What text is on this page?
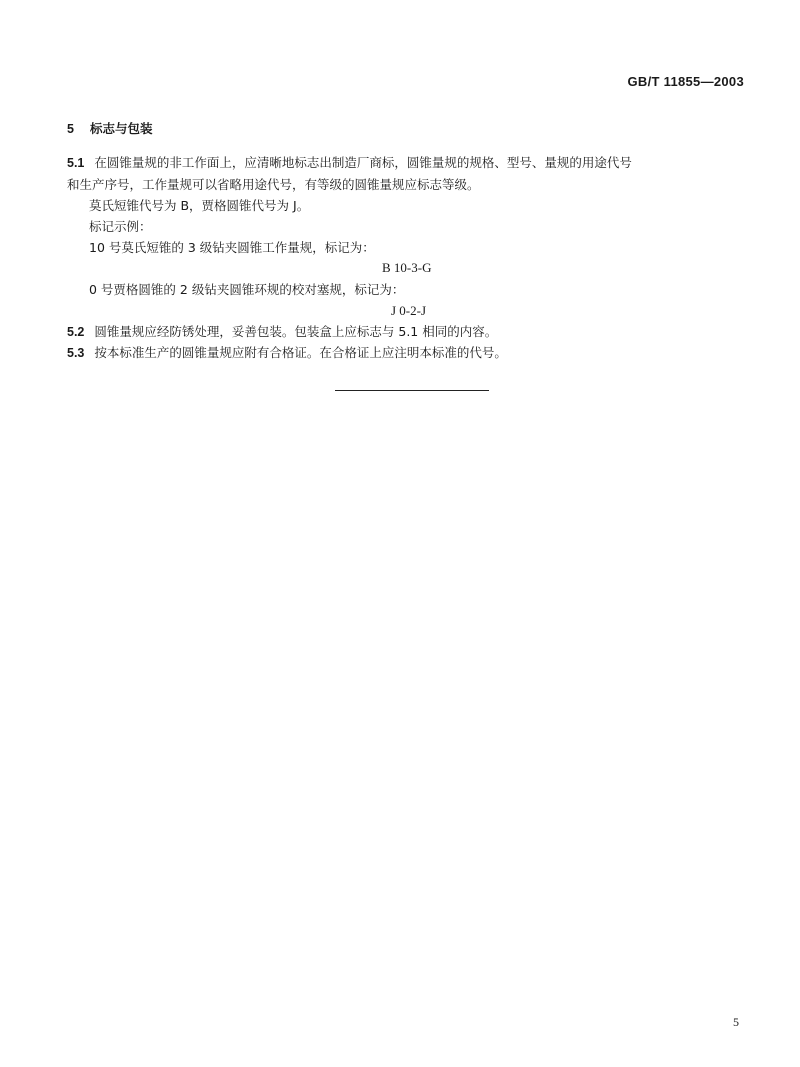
GB/T 11855—2003
5 标志与包装
5.1 在圆锥量规的非工作面上，应清晰地标志出制造厂商标，圆锥量规的规格、型号、量规的用途代号
和生产序号，工作量规可以省略用途代号，有等级的圆锥量规应标志等级。
莫氏短锥代号为 B，贾格圆锥代号为 J。
标记示例：
10 号莫氏短锥的 3 级钻夹圆锥工作量规，标记为：
B 10-3-G
0 号贾格圆锥的 2 级钻夹圆锥环规的校对塞规，标记为：
J 0-2-J
5.2 圆锥量规应经防锈处理，妥善包装。包装盒上应标志与 5.1 相同的内容。
5.3 按本标准生产的圆锥量规应附有合格证。在合格证上应注明本标准的代号。
5
